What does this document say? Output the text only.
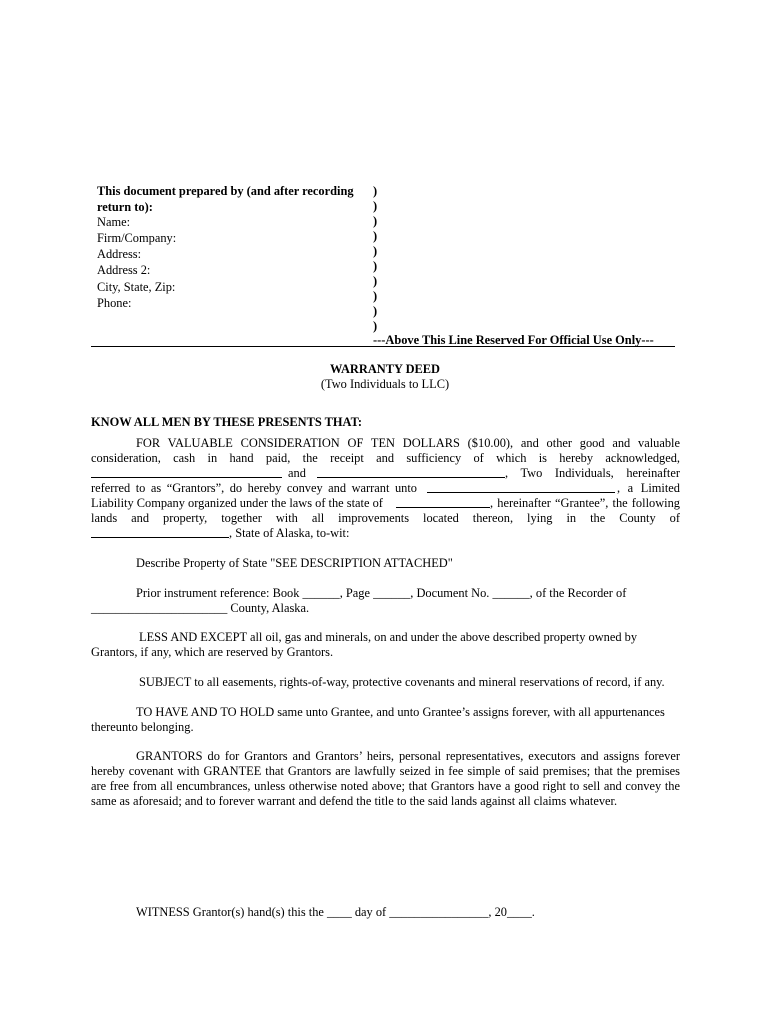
This document prepared by (and after recording
return to):
Name:
Firm/Company:
Address:
Address 2:
City, State, Zip:
Phone:
)
)
)
)
)
)
)
)
)
)
---Above This Line Reserved For Official Use Only---
WARRANTY DEED
(Two Individuals to LLC)
KNOW ALL MEN BY THESE PRESENTS THAT:
FOR VALUABLE CONSIDERATION OF TEN DOLLARS ($10.00), and other good and valuable
consideration, cash in hand paid, the receipt and sufficiency of which is hereby acknowledged,
and	, Two Individuals, hereinafter
referred to as “Grantors”, do hereby convey and warrant unto	, a Limited
Liability Company organized under the laws of the state of	, hereinafter “Grantee”, the following
lands and property, together with all improvements located thereon, lying in the County of
, State of Alaska, to-wit:
Describe Property of State "SEE DESCRIPTION ATTACHED"
Prior instrument reference: Book ______, Page ______, Document No. ______, of the Recorder of
______________________ County, Alaska.
LESS AND EXCEPT all oil, gas and minerals, on and under the above described property owned by
Grantors, if any, which are reserved by Grantors.
SUBJECT to all easements, rights-of-way, protective covenants and mineral reservations of record, if any.
TO HAVE AND TO HOLD same unto Grantee, and unto Grantee’s assigns forever, with all appurtenances
thereunto belonging.
GRANTORS do for Grantors and Grantors’ heirs, personal representatives, executors and assigns forever
hereby covenant with GRANTEE that Grantors are lawfully seized in fee simple of said premises; that the premises
are free from all encumbrances, unless otherwise noted above; that Grantors have a good right to sell and convey the
same as aforesaid; and to forever warrant and defend the title to the said lands against all claims whatever.
WITNESS Grantor(s) hand(s) this the ____ day of ________________, 20____.
